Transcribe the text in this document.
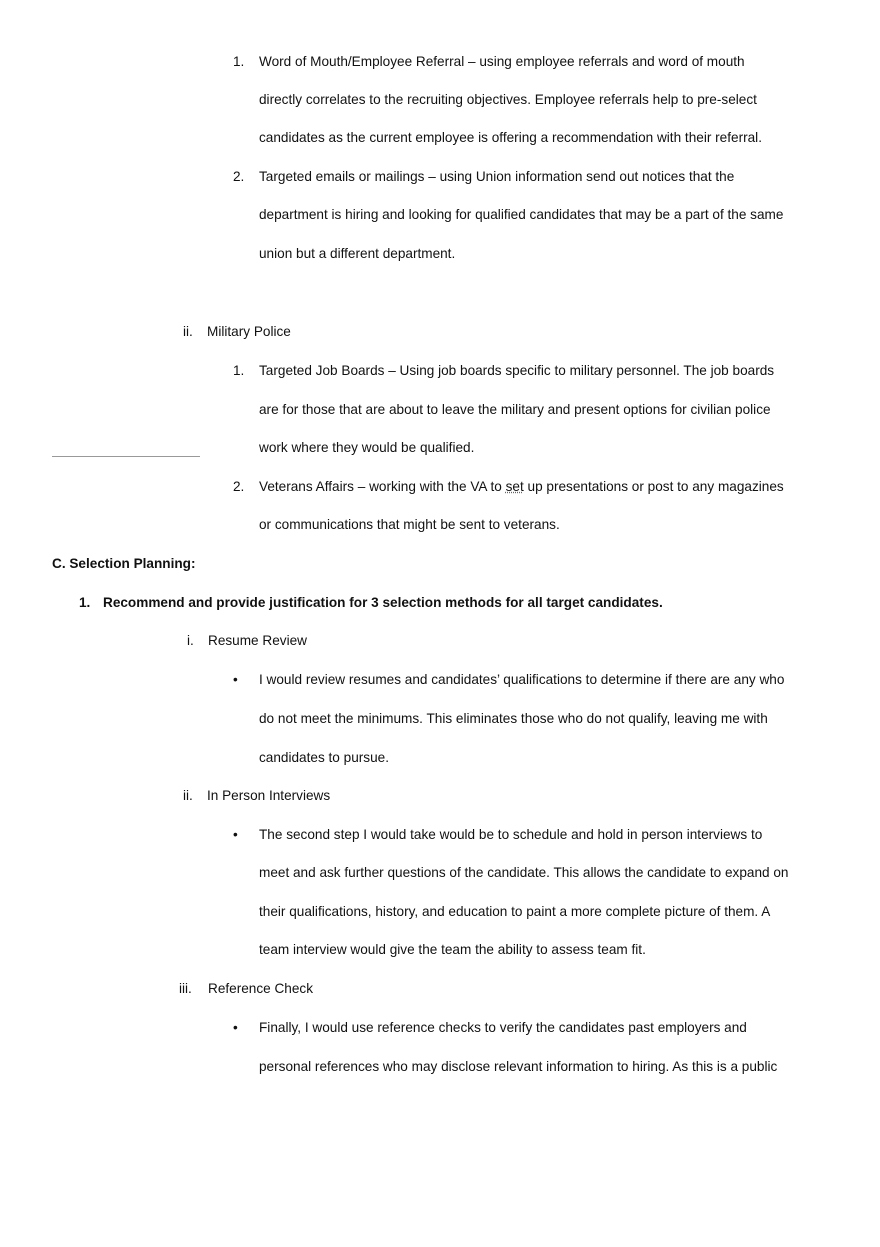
1. Word of Mouth/Employee Referral – using employee referrals and word of mouth
directly correlates to the recruiting objectives. Employee referrals help to pre-select
candidates as the current employee is offering a recommendation with their referral.
2. Targeted emails or mailings – using Union information send out notices that the
department is hiring and looking for qualified candidates that may be a part of the same
union but a different department.
ii. Military Police
1. Targeted Job Boards – Using job boards specific to military personnel. The job boards
are for those that are about to leave the military and present options for civilian police
work where they would be qualified.
2. Veterans Affairs – working with the VA to set up presentations or post to any magazines
or communications that might be sent to veterans.
C. Selection Planning:
1. Recommend and provide justification for 3 selection methods for all target candidates.
i. Resume Review
• I would review resumes and candidates’ qualifications to determine if there are any who
do not meet the minimums. This eliminates those who do not qualify, leaving me with
candidates to pursue.
ii. In Person Interviews
• The second step I would take would be to schedule and hold in person interviews to
meet and ask further questions of the candidate. This allows the candidate to expand on
their qualifications, history, and education to paint a more complete picture of them. A
team interview would give the team the ability to assess team fit.
iii. Reference Check
• Finally, I would use reference checks to verify the candidates past employers and
personal references who may disclose relevant information to hiring. As this is a public
